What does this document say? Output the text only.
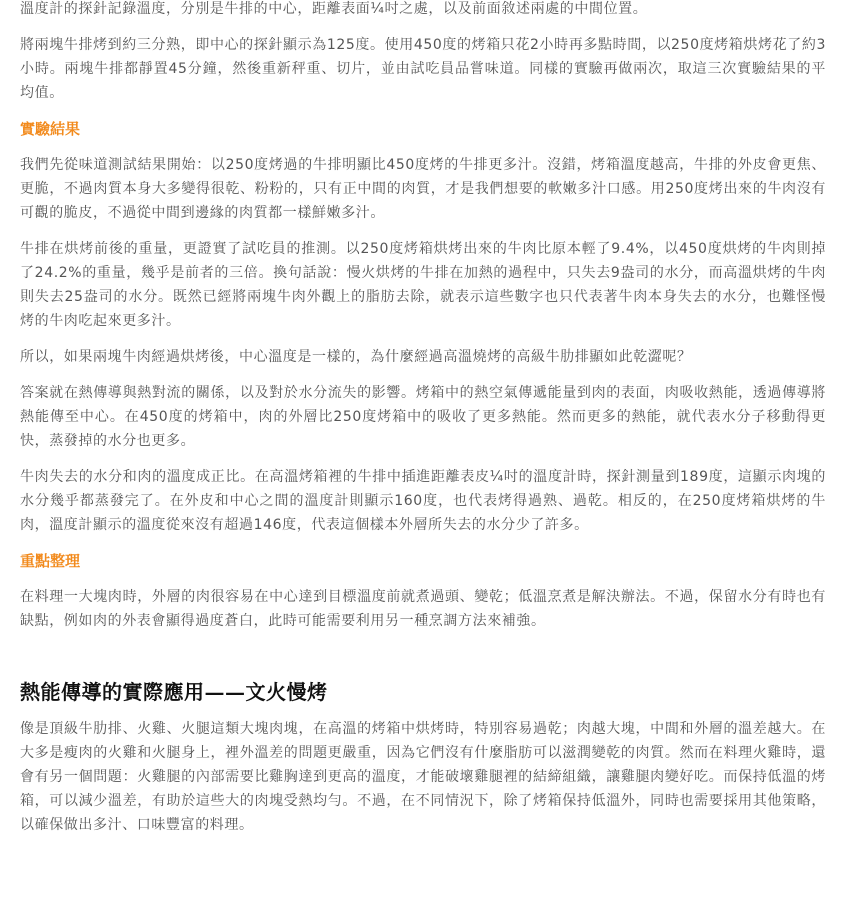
溫度計的探針記錄溫度，分別是牛排的中心，距離表面¼吋之處，以及前面敘述兩處的中間位置。

將兩塊牛排烤到約三分熟，即中心的探針顯示為125度。使用450度的烤箱只花2小時再多點時間，以250度烤箱烘烤花了約3小時。兩塊牛排都靜置45分鐘，然後重新秤重、切片，並由試吃員品嘗味道。同樣的實驗再做兩次，取這三次實驗結果的平均值。

實驗結果

我們先從味道測試結果開始：以250度烤過的牛排明顯比450度烤的牛排更多汁。沒錯，烤箱溫度越高，牛排的外皮會更焦、更脆，不過肉質本身大多變得很乾、粉粉的，只有正中間的肉質，才是我們想要的軟嫩多汁口感。用250度烤出來的牛肉沒有可觀的脆皮，不過從中間到邊緣的肉質都一樣鮮嫩多汁。

牛排在烘烤前後的重量，更證實了試吃員的推測。以250度烤箱烘烤出來的牛肉比原本輕了9.4%，以450度烘烤的牛肉則掉了24.2%的重量，幾乎是前者的三倍。換句話說：慢火烘烤的牛排在加熱的過程中，只失去9盎司的水分，而高溫烘烤的牛肉則失去25盎司的水分。既然已經將兩塊牛肉外觀上的脂肪去除，就表示這些數字也只代表著牛肉本身失去的水分，也難怪慢烤的牛肉吃起來更多汁。

所以，如果兩塊牛肉經過烘烤後，中心溫度是一樣的，為什麼經過高溫燒烤的高級牛肋排顯如此乾澀呢？

答案就在熱傳導與熱對流的關係，以及對於水分流失的影響。烤箱中的熱空氣傳遞能量到肉的表面，肉吸收熱能，透過傳導將熱能傳至中心。在450度的烤箱中，肉的外層比250度烤箱中的吸收了更多熱能。然而更多的熱能，就代表水分子移動得更快，蒸發掉的水分也更多。

牛肉失去的水分和肉的溫度成正比。在高溫烤箱裡的牛排中插進距離表皮¼吋的溫度計時，探針測量到189度，這顯示肉塊的水分幾乎都蒸發完了。在外皮和中心之間的溫度計則顯示160度，也代表烤得過熟、過乾。相反的，在250度烤箱烘烤的牛肉，溫度計顯示的溫度從來沒有超過146度，代表這個樣本外層所失去的水分少了許多。

重點整理

在料理一大塊肉時，外層的肉很容易在中心達到目標溫度前就煮過頭、變乾；低溫烹煮是解決辦法。不過，保留水分有時也有缺點，例如肉的外表會顯得過度蒼白，此時可能需要利用另一種烹調方法來補強。

熱能傳導的實際應用——文火慢烤

像是頂級牛肋排、火雞、火腿這類大塊肉塊，在高溫的烤箱中烘烤時，特別容易過乾；肉越大塊，中間和外層的溫差越大。在大多是瘦肉的火雞和火腿身上，裡外溫差的問題更嚴重，因為它們沒有什麼脂肪可以滋潤變乾的肉質。然而在料理火雞時，還會有另一個問題：火雞腿的內部需要比雞胸達到更高的溫度，才能破壞雞腿裡的結締組織，讓雞腿肉變好吃。而保持低溫的烤箱，可以減少溫差，有助於這些大的肉塊受熱均勻。不過，在不同情況下，除了烤箱保持低溫外，同時也需要採用其他策略，以確保做出多汁、口味豐富的料理。
